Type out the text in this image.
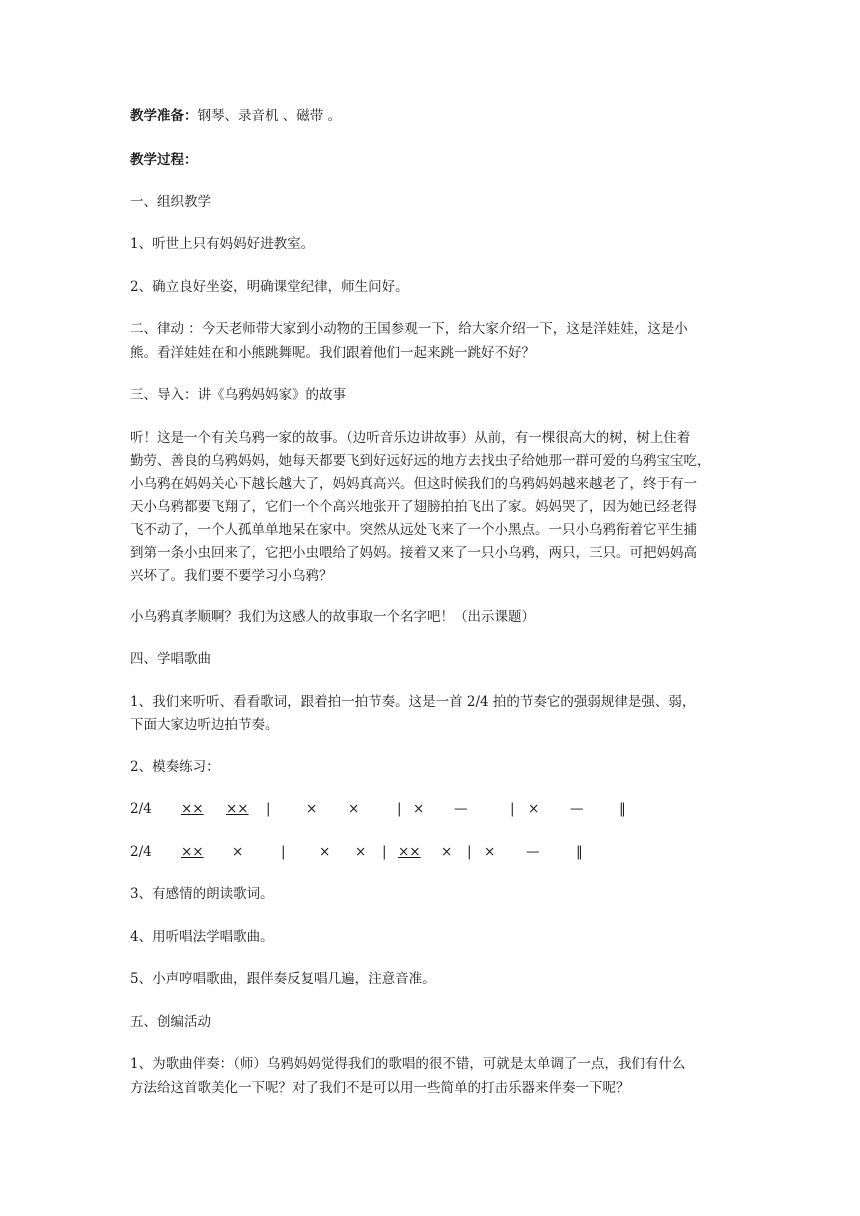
教学准备：钢琴、录音机 、磁带 。

教学过程：

一、组织教学

1、听世上只有妈妈好进教室。

2、确立良好坐姿，明确课堂纪律，师生问好。

二、律动 ：今天老师带大家到小动物的王国参观一下，给大家介绍一下，这是洋娃娃，这是小

熊。看洋娃娃在和小熊跳舞呢。我们跟着他们一起来跳一跳好不好？

三、导入：讲《乌鸦妈妈家》的故事

听！这是一个有关乌鸦一家的故事。（边听音乐边讲故事）从前，有一棵很高大的树，树上住着

勤劳、善良的乌鸦妈妈，她每天都要飞到好远好远的地方去找虫子给她那一群可爱的乌鸦宝宝吃，

小乌鸦在妈妈关心下越长越大了，妈妈真高兴。但这时候我们的乌鸦妈妈越来越老了，终于有一

天小乌鸦都要飞翔了，它们一个个高兴地张开了翅膀拍拍飞出了家。妈妈哭了，因为她已经老得

飞不动了，一个人孤单单地呆在家中。突然从远处飞来了一个小黑点。一只小乌鸦衔着它平生捕

到第一条小虫回来了，它把小虫喂给了妈妈。接着又来了一只小乌鸦，两只，三只。可把妈妈高

兴坏了。我们要不要学习小乌鸦？

小乌鸦真孝顺啊？我们为这感人的故事取一个名字吧！（出示课题）

四、学唱歌曲

1、我们来听听、看看歌词，跟着拍一拍节奏。这是一首 2/4 拍的节奏它的强弱规律是强、弱，

下面大家边听边拍节奏。

2、模奏练习：

2/4 ×× ×× |	× ×	| × —	| × —	‖
2/4 ×× ×	| × × | ×× × | × —	‖

3、有感情的朗读歌词。

4、用听唱法学唱歌曲。

5、小声哼唱歌曲，跟伴奏反复唱几遍，注意音准。

五、创编活动

1、为歌曲伴奏：（师）乌鸦妈妈觉得我们的歌唱的很不错，可就是太单调了一点，我们有什么

方法给这首歌美化一下呢？对了我们不是可以用一些简单的打击乐器来伴奏一下呢？
